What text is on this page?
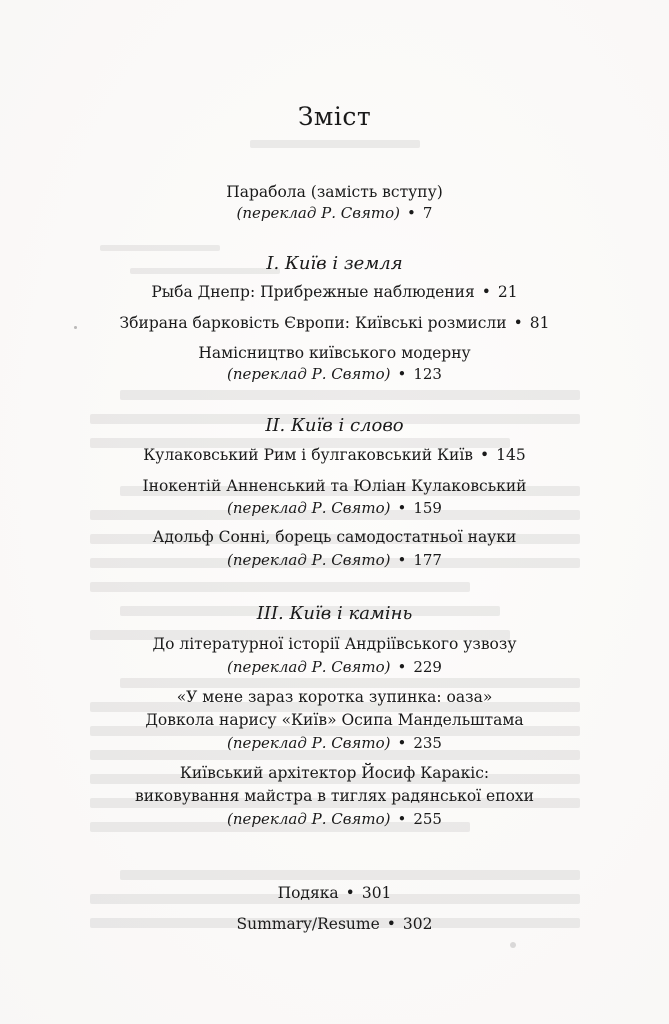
Зміст
Парабола (замість вступу)
(переклад Р. Свято) • 7
І. Київ і земля
Рыба Днепр: Прибрежные наблюдения • 21
Збирана барковість Європи: Київські розмисли • 81
Намісництво київського модерну
(переклад Р. Свято) • 123
ІІ. Київ і слово
Кулаковський Рим і булгаковський Київ • 145
Інокентій Анненський та Юліан Кулаковський
(переклад Р. Свято) • 159
Адольф Сонні, борець самодостатньої науки
(переклад Р. Свято) • 177
ІІІ. Київ і камінь
До літературної історії Андріївського узвозу
(переклад Р. Свято) • 229
«У мене зараз коротка зупинка: оаза»
Довкола нарису «Київ» Осипа Мандельштама
(переклад Р. Свято) • 235
Київський архітектор Йосиф Каракіс:
виковування майстра в тиглях радянської епохи
(переклад Р. Свято) • 255
Подяка • 301
Summary/Resume • 302
